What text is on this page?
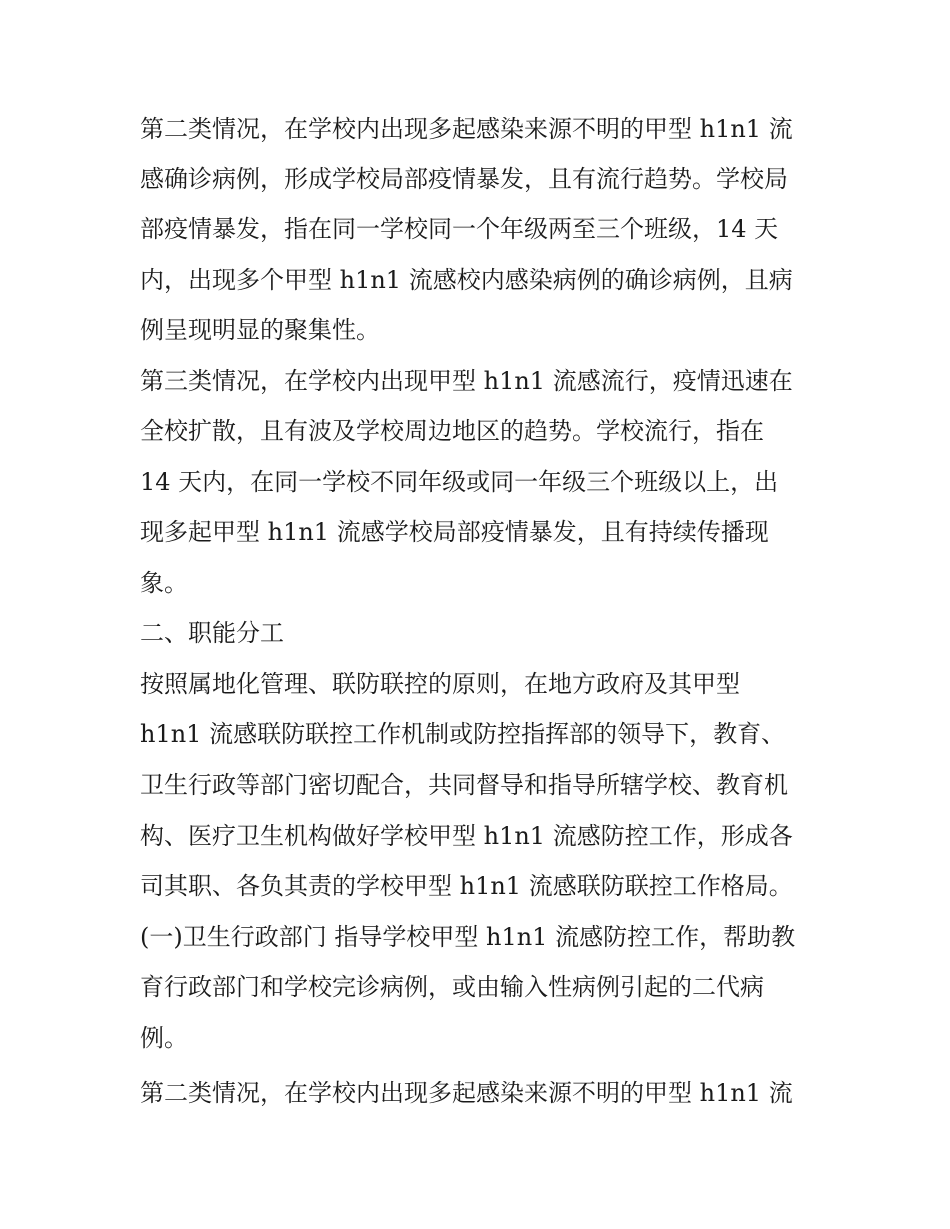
第二类情况，在学校内出现多起感染来源不明的甲型 h1n1 流
感确诊病例，形成学校局部疫情暴发，且有流行趋势。学校局
部疫情暴发，指在同一学校同一个年级两至三个班级，14 天
内，出现多个甲型 h1n1 流感校内感染病例的确诊病例，且病
例呈现明显的聚集性。
第三类情况，在学校内出现甲型 h1n1 流感流行，疫情迅速在
全校扩散，且有波及学校周边地区的趋势。学校流行，指在
14 天内，在同一学校不同年级或同一年级三个班级以上，出
现多起甲型 h1n1 流感学校局部疫情暴发，且有持续传播现
象。
二、职能分工
按照属地化管理、联防联控的原则，在地方政府及其甲型
h1n1 流感联防联控工作机制或防控指挥部的领导下，教育、
卫生行政等部门密切配合，共同督导和指导所辖学校、教育机
构、医疗卫生机构做好学校甲型 h1n1 流感防控工作，形成各
司其职、各负其责的学校甲型 h1n1 流感联防联控工作格局。
(一)卫生行政部门 指导学校甲型 h1n1 流感防控工作，帮助教
育行政部门和学校完诊病例，或由输入性病例引起的二代病
例。
第二类情况，在学校内出现多起感染来源不明的甲型 h1n1 流
